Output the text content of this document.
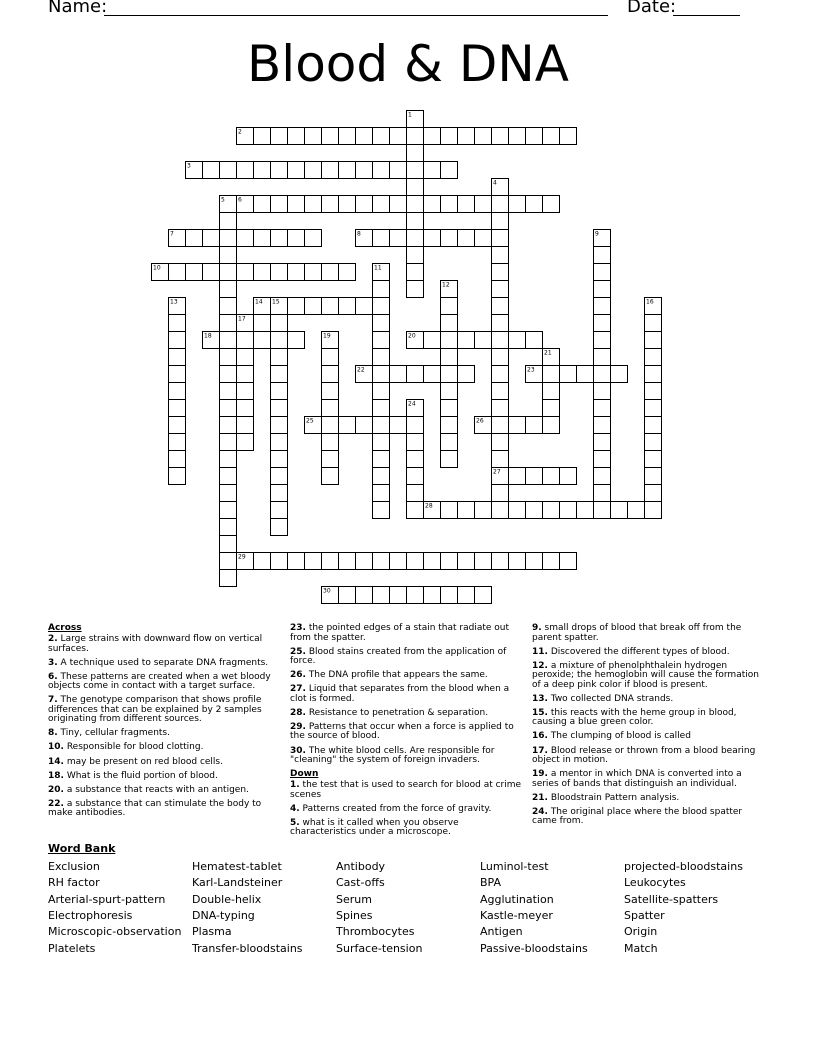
Name:	Date:
Blood & DNA
1
2
3
4
5 6
7	8	9
10	11
12
13	14 15	16
17
18	19	20
21
22	23
24
25	26
27
28
29
30

Across

2. Large strains with downward flow on vertical surfaces.

3. A technique used to separate DNA fragments.

6. These patterns are created when a wet bloody objects come in contact with a target surface.

7. The genotype comparison that shows profile differences that can be explained by 2 samples originating from different sources.

8. Tiny, cellular fragments.

10. Responsible for blood clotting.

14. may be present on red blood cells.

18. What is the fluid portion of blood.

20. a substance that reacts with an antigen.

22. a substance that can stimulate the body to make antibodies.

23. the pointed edges of a stain that radiate out from the spatter.

25. Blood stains created from the application of force.

26. The DNA profile that appears the same.

27. Liquid that separates from the blood when a clot is formed.

28. Resistance to penetration & separation.

29. Patterns that occur when a force is applied to the source of blood.

30. The white blood cells. Are responsible for "cleaning" the system of foreign invaders.

Down

1. the test that is used to search for blood at crime scenes

4. Patterns created from the force of gravity.

5. what is it called when you observe characteristics under a microscope.

9. small drops of blood that break off from the parent spatter.

11. Discovered the different types of blood.

12. a mixture of phenolphthalein hydrogen peroxide; the hemoglobin will cause the formation of a deep pink color if blood is present.

13. Two collected DNA strands.

15. this reacts with the heme group in blood, causing a blue green color.

16. The clumping of blood is called

17. Blood release or thrown from a blood bearing object in motion.

19. a mentor in which DNA is converted into a series of bands that distinguish an individual.

21. Bloodstrain Pattern analysis.

24. The original place where the blood spatter came from.

Word Bank
Exclusion	Hematest-tablet	Antibody	Luminol-test	projected-bloodstains
RH factor	Karl-Landsteiner	Cast-offs	BPA	Leukocytes
Arterial-spurt-pattern Double-helix	Serum	Agglutination	Satellite-spatters
Electrophoresis	DNA-typing	Spines	Kastle-meyer	Spatter
Microscopic-observation Plasma	Thrombocytes	Antigen	Origin
Platelets	Transfer-bloodstains	Surface-tension	Passive-bloodstains	Match
